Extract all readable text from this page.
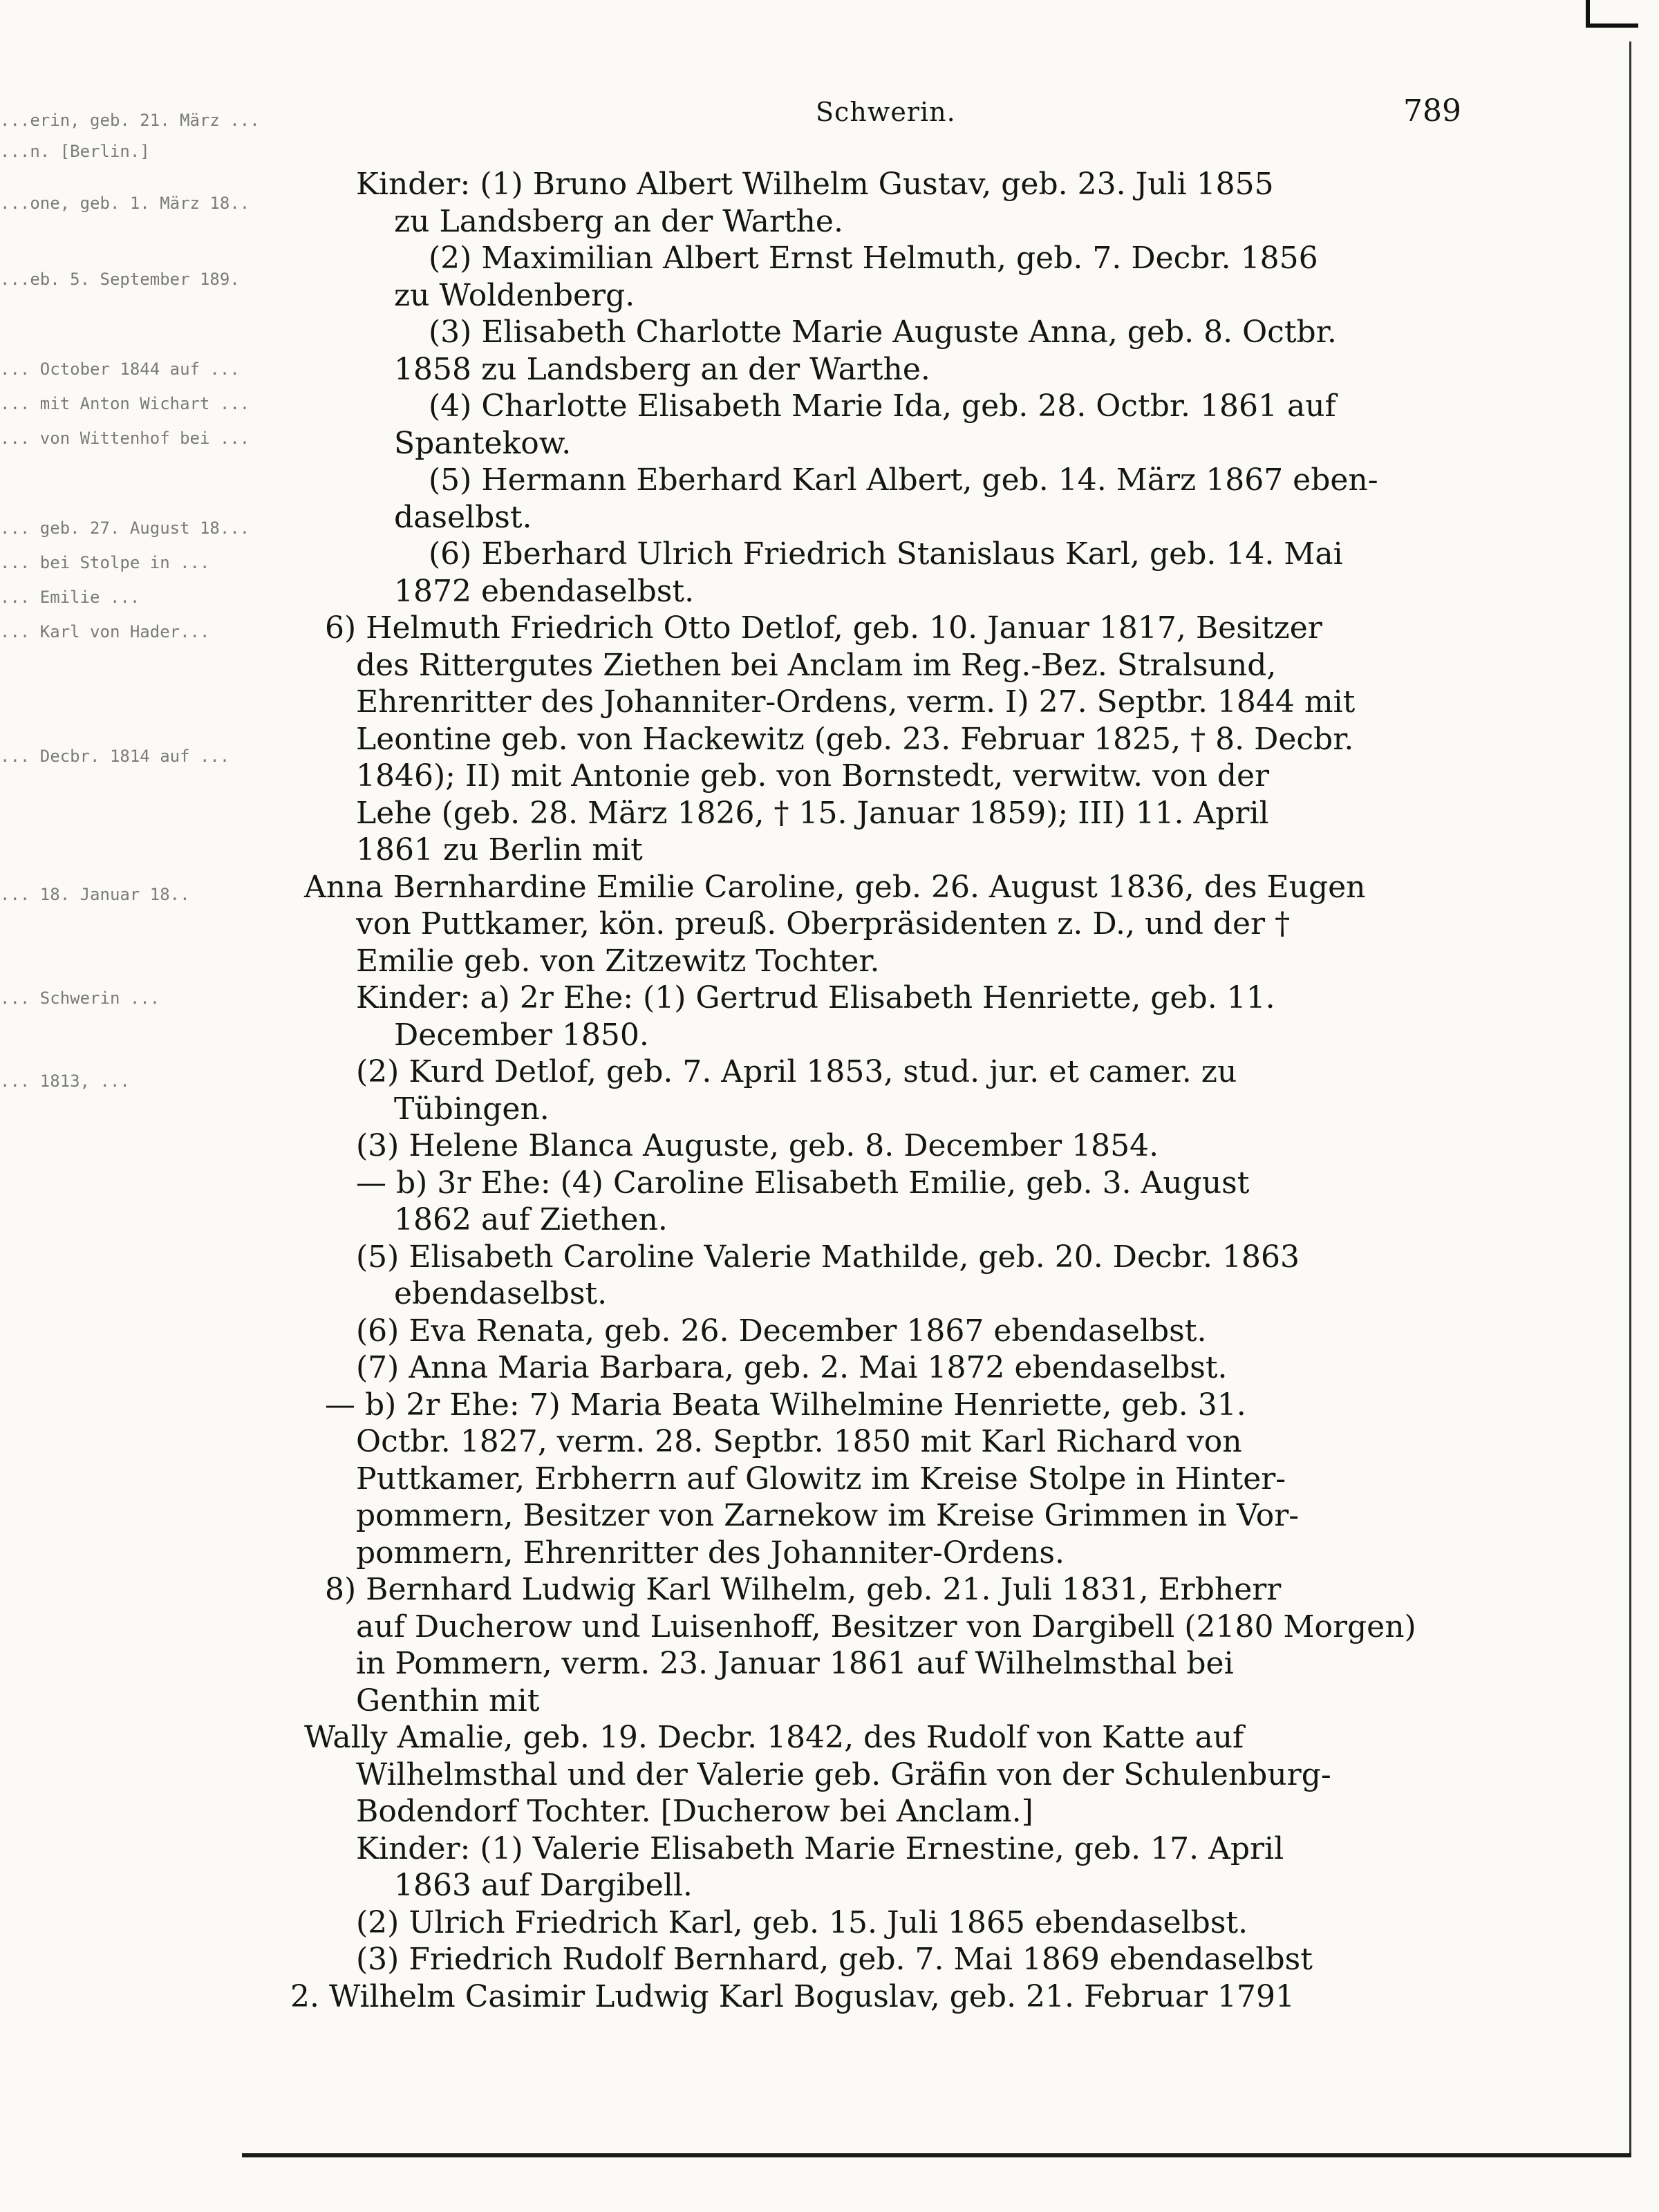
...erin, geb. 21. März ...
...n. [Berlin.]
...one, geb. 1. März 18..
...eb. 5. September 189.
... October 1844 auf ...
... mit Anton Wichart ...
... von Wittenhof bei ...
... geb. 27. August 18...
... bei Stolpe in ...
... Emilie ...
... Karl von Hader...
... Decbr. 1814 auf ...
... 18. Januar 18..
... Schwerin ...
... 1813, ...
Schwerin.	789
Kinder: (1) Bruno Albert Wilhelm Gustav, geb. 23. Juli 1855
zu Landsberg an der Warthe.
(2) Maximilian Albert Ernst Helmuth, geb. 7. Decbr. 1856
zu Woldenberg.
(3) Elisabeth Charlotte Marie Auguste Anna, geb. 8. Octbr.
1858 zu Landsberg an der Warthe.
(4) Charlotte Elisabeth Marie Ida, geb. 28. Octbr. 1861 auf
Spantekow.
(5) Hermann Eberhard Karl Albert, geb. 14. März 1867 eben-
daselbst.
(6) Eberhard Ulrich Friedrich Stanislaus Karl, geb. 14. Mai
1872 ebendaselbst.
6) Helmuth Friedrich Otto Detlof, geb. 10. Januar 1817, Besitzer
des Rittergutes Ziethen bei Anclam im Reg.-Bez. Stralsund,
Ehrenritter des Johanniter-Ordens, verm. I) 27. Septbr. 1844 mit
Leontine geb. von Hackewitz (geb. 23. Februar 1825, † 8. Decbr.
1846); II) mit Antonie geb. von Bornstedt, verwitw. von der
Lehe (geb. 28. März 1826, † 15. Januar 1859); III) 11. April
1861 zu Berlin mit
Anna Bernhardine Emilie Caroline, geb. 26. August 1836, des Eugen
von Puttkamer, kön. preuß. Oberpräsidenten z. D., und der †
Emilie geb. von Zitzewitz Tochter.
Kinder: a) 2r Ehe: (1) Gertrud Elisabeth Henriette, geb. 11.
December 1850.
(2) Kurd Detlof, geb. 7. April 1853, stud. jur. et camer. zu
Tübingen.
(3) Helene Blanca Auguste, geb. 8. December 1854.
— b) 3r Ehe: (4) Caroline Elisabeth Emilie, geb. 3. August
1862 auf Ziethen.
(5) Elisabeth Caroline Valerie Mathilde, geb. 20. Decbr. 1863
ebendaselbst.
(6) Eva Renata, geb. 26. December 1867 ebendaselbst.
(7) Anna Maria Barbara, geb. 2. Mai 1872 ebendaselbst.
— b) 2r Ehe: 7) Maria Beata Wilhelmine Henriette, geb. 31.
Octbr. 1827, verm. 28. Septbr. 1850 mit Karl Richard von
Puttkamer, Erbherrn auf Glowitz im Kreise Stolpe in Hinter-
pommern, Besitzer von Zarnekow im Kreise Grimmen in Vor-
pommern, Ehrenritter des Johanniter-Ordens.
8) Bernhard Ludwig Karl Wilhelm, geb. 21. Juli 1831, Erbherr
auf Ducherow und Luisenhoff, Besitzer von Dargibell (2180 Morgen)
in Pommern, verm. 23. Januar 1861 auf Wilhelmsthal bei
Genthin mit
Wally Amalie, geb. 19. Decbr. 1842, des Rudolf von Katte auf
Wilhelmsthal und der Valerie geb. Gräfin von der Schulenburg-
Bodendorf Tochter. [Ducherow bei Anclam.]
Kinder: (1) Valerie Elisabeth Marie Ernestine, geb. 17. April
1863 auf Dargibell.
(2) Ulrich Friedrich Karl, geb. 15. Juli 1865 ebendaselbst.
(3) Friedrich Rudolf Bernhard, geb. 7. Mai 1869 ebendaselbst
2. Wilhelm Casimir Ludwig Karl Boguslav, geb. 21. Februar 1791
